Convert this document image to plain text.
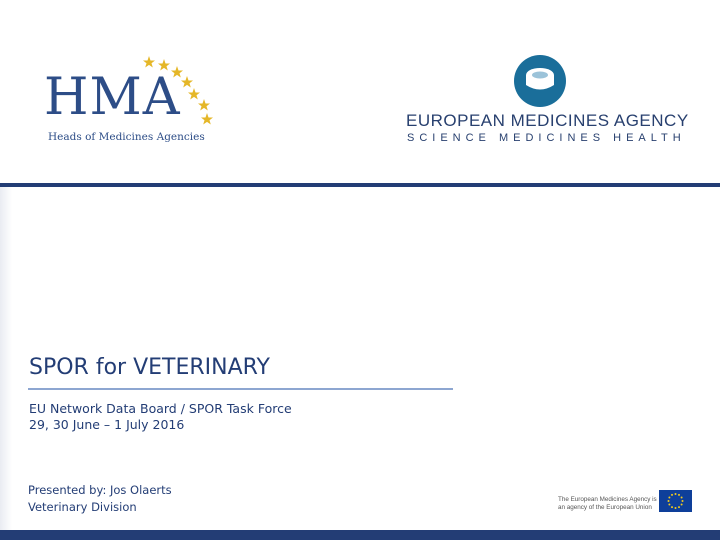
HMA
Heads of Medicines Agencies
EUROPEAN MEDICINES AGENCY
SCIENCE MEDICINES HEALTH
SPOR for VETERINARY
EU Network Data Board / SPOR Task Force
29, 30 June – 1 July 2016
Presented by: Jos Olaerts
Veterinary Division
The European Medicines Agency is
an agency of the European Union
